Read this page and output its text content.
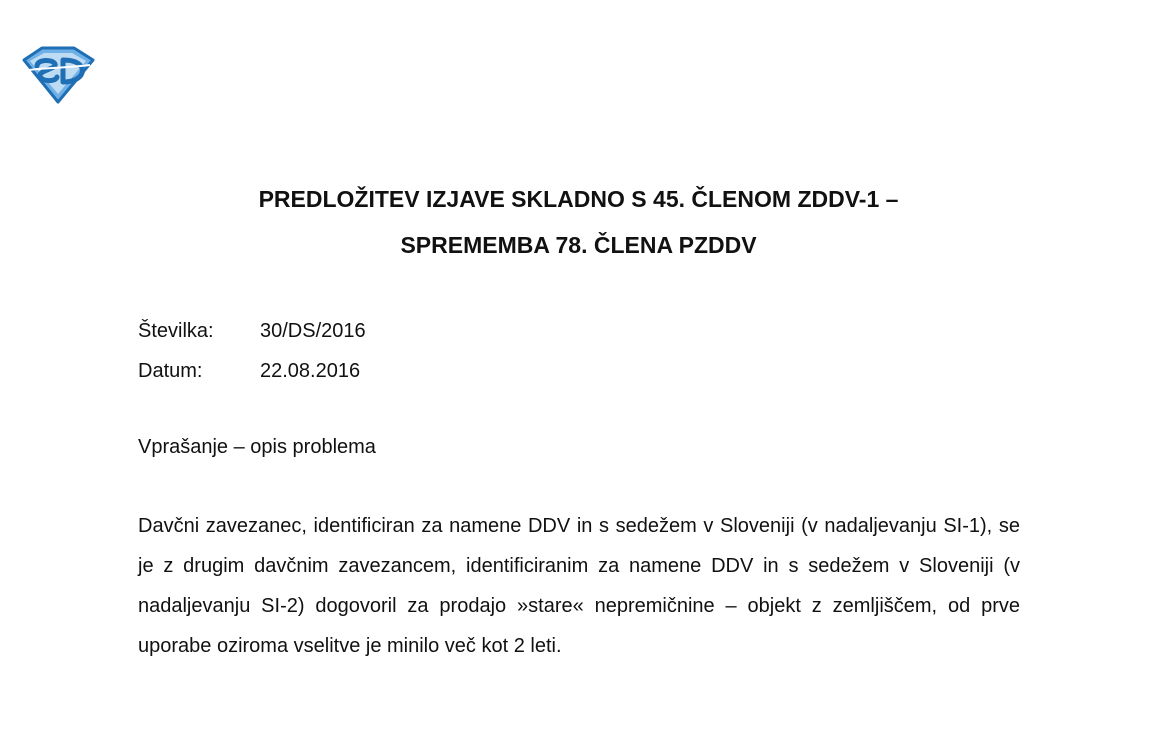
PREDLOŽITEV IZJAVE SKLADNO S 45. ČLENOM ZDDV-1 –
SPREMEMBA 78. ČLENA PZDDV
Številka:	30/DS/2016
Datum:	22.08.2016
Vprašanje – opis problema
Davčni zavezanec, identificiran za namene DDV in s sedežem v Sloveniji (v nadaljevanju SI-1), se je z drugim davčnim zavezancem, identificiranim za namene DDV in s sedežem v Sloveniji (v nadaljevanju SI-2) dogovoril za prodajo »stare« nepremičnine – objekt z zemljiščem, od prve uporabe oziroma vselitve je minilo več kot 2 leti.
